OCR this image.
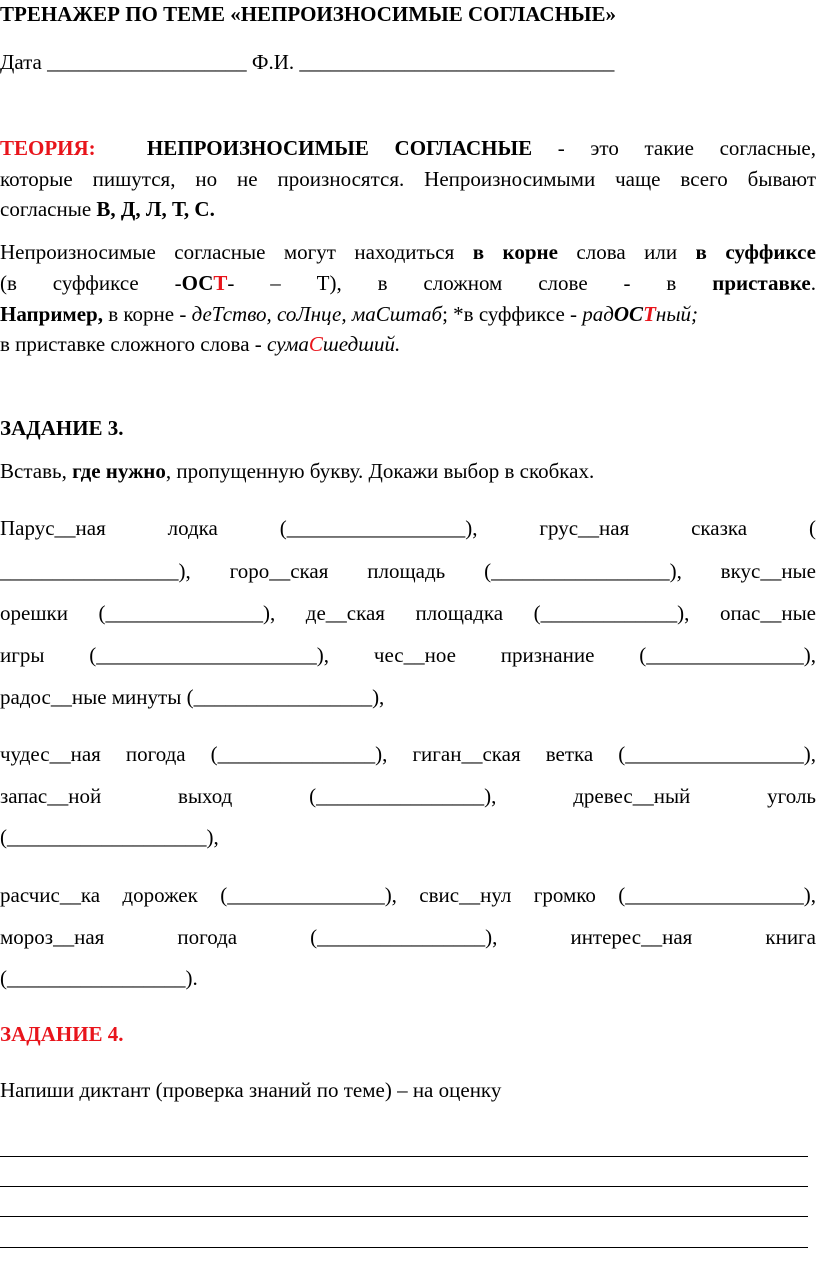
ТРЕНАЖЕР ПО ТЕМЕ «НЕПРОИЗНОСИМЫЕ СОГЛАСНЫЕ»
Дата ___________________ Ф.И. ______________________________
ТЕОРИЯ: НЕПРОИЗНОСИМЫЕ СОГЛАСНЫЕ - это такие согласные,
которые пишутся, но не произносятся. Непроизносимыми чаще всего бывают
согласные В, Д, Л, Т, С.
Непроизносимые согласные могут находиться в корне слова или в суффиксе
(в суффиксе -ОСТ- – Т), в сложном слове - в приставке.
Например, в корне - деТство, соЛнце, маСштаб; *в суффиксе - радОСТный;
в приставке сложного слова - сумаСшедший.
ЗАДАНИЕ 3.
Вставь, где нужно, пропущенную букву. Докажи выбор в скобках.
Парус__ная лодка (_________________), грус__ная сказка (
_________________), горо__ская площадь (_________________), вкус__ные
орешки (_______________), де__ская площадка (_____________), опас__ные
игры (_____________________), чес__ное признание (_______________),
радос__ные минуты (_________________),
чудес__ная погода (_______________), гиган__ская ветка (_________________),
запас__ной выход (________________), древес__ный уголь
(___________________),
расчис__ка дорожек (_______________), свис__нул громко (_________________),
мороз__ная погода (________________), интерес__ная книга
(_________________).
ЗАДАНИЕ 4.
Напиши диктант (проверка знаний по теме) – на оценку
